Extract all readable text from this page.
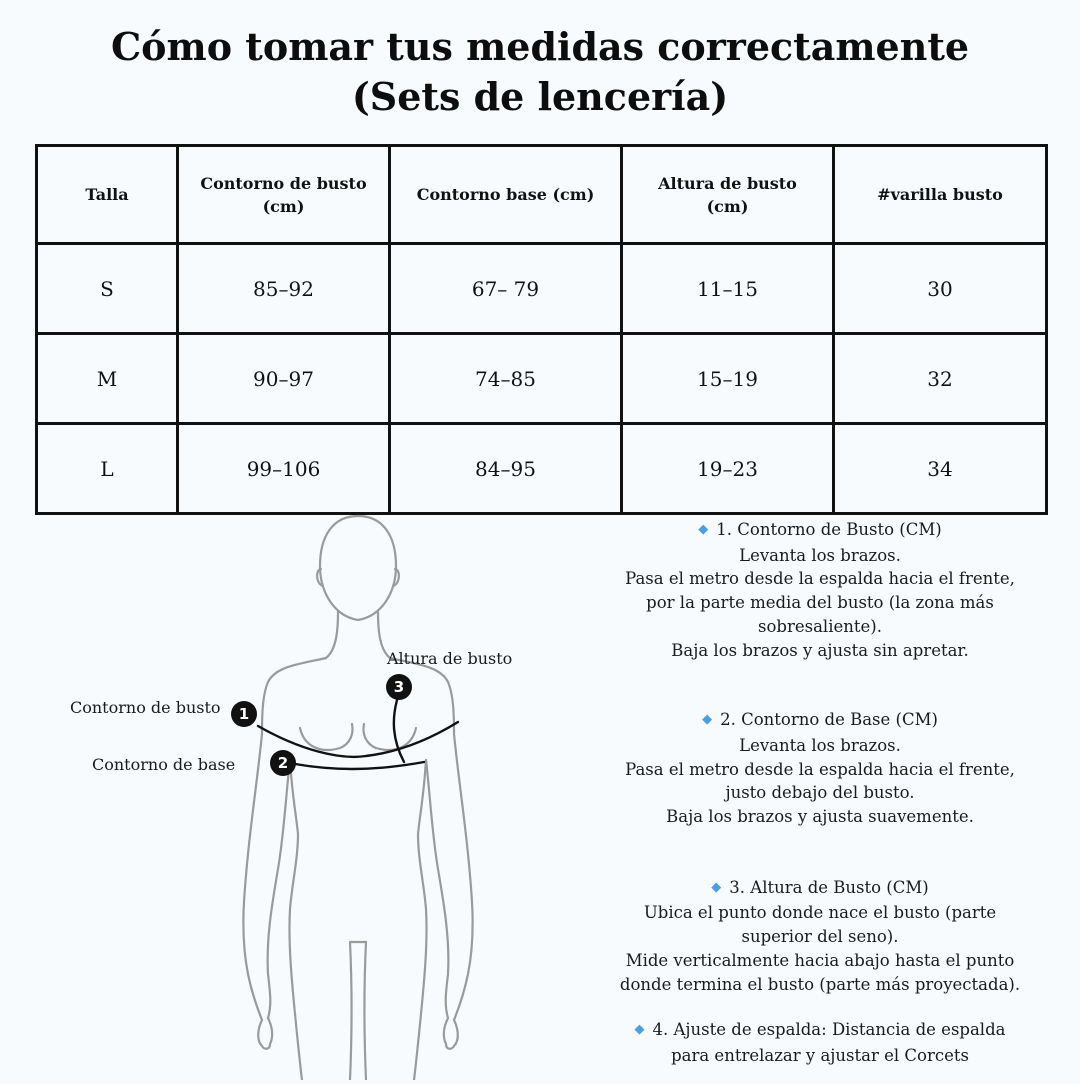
Cómo tomar tus medidas correctamente
(Sets de lencería)
Talla	Contorno de busto (cm)	Contorno base (cm)	Altura de busto (cm)	#varilla busto
S	85–92	67– 79	11–15	30
M	90–97	74–85	15–19	32
L	99–106	84–95	19–23	34
Contorno de busto
Contorno de base
Altura de busto
1
2
3

◆ 1. Contorno de Busto (CM)

Levanta los brazos.

Pasa el metro desde la espalda hacia el frente,

por la parte media del busto (la zona más

sobresaliente).

Baja los brazos y ajusta sin apretar.

◆ 2. Contorno de Base (CM)

Levanta los brazos.

Pasa el metro desde la espalda hacia el frente,

justo debajo del busto.

Baja los brazos y ajusta suavemente.

◆ 3. Altura de Busto (CM)

Ubica el punto donde nace el busto (parte

superior del seno).

Mide verticalmente hacia abajo hasta el punto

donde termina el busto (parte más proyectada).

◆ 4. Ajuste de espalda: Distancia de espalda

para entrelazar y ajustar el Corcets
